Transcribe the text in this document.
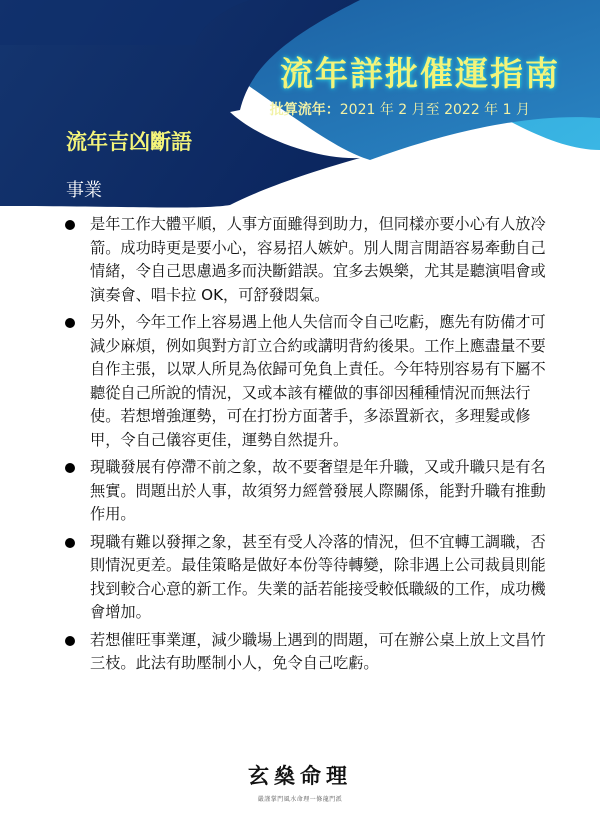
流年詳批催運指南
批算流年：2021 年 2 月至 2022 年 1 月
流年吉凶斷語
事業
是年工作大體平順，人事方面雖得到助力，但同樣亦要小心有人放冷箭。成功時更是要小心，容易招人嫉妒。別人閒言閒語容易牽動自己情緒，令自己思慮過多而決斷錯誤。宜多去娛樂，尤其是聽演唱會或演奏會、唱卡拉 OK，可舒發悶氣。
另外，今年工作上容易遇上他人失信而令自己吃虧，應先有防備才可減少麻煩，例如與對方訂立合約或講明背約後果。工作上應盡量不要自作主張，以眾人所見為依歸可免負上責任。今年特別容易有下屬不聽從自己所說的情況，又或本該有權做的事卻因種種情況而無法行使。若想增強運勢，可在打扮方面著手，多添置新衣，多理髮或修甲，令自己儀容更佳，運勢自然提升。
現職發展有停滯不前之象，故不要奢望是年升職，又或升職只是有名無實。問題出於人事，故須努力經營發展人際關係，能對升職有推動作用。
現職有難以發揮之象，甚至有受人冷落的情況，但不宜轉工調職，否則情況更差。最佳策略是做好本份等待轉變，除非遇上公司裁員則能找到較合心意的新工作。失業的話若能接受較低職級的工作，成功機會增加。
若想催旺事業運，減少職場上遇到的問題，可在辦公桌上放上文昌竹三枝。此法有助壓制小人，免令自己吃虧。
玄燊命理
嚴謹掌門風水命理一條龍門派
